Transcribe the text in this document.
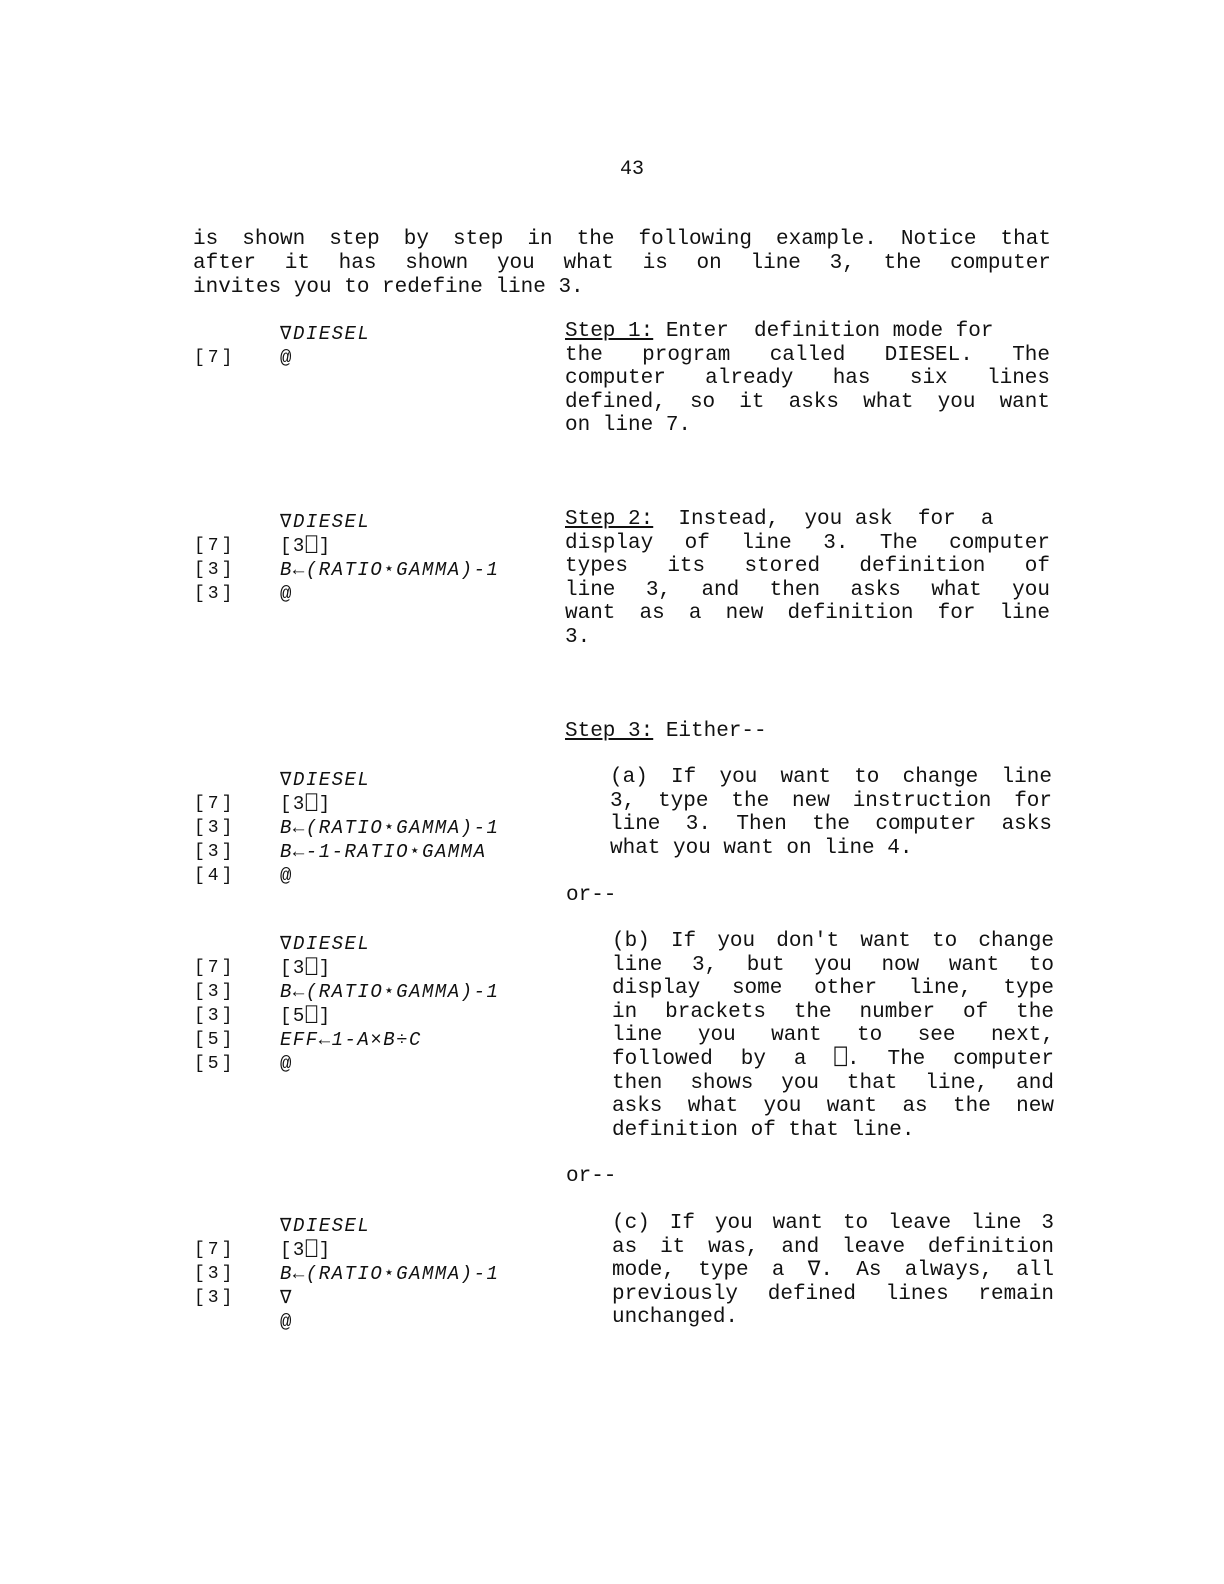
43
is shown step by step in the following example. Notice that
after it has shown you what is on line 3, the computer
invites you to redefine line 3.
∇DIESEL
[7] @
Step 1: Enter  definition mode for
the program called DIESEL. The
computer already has six lines
defined, so it asks what you want
on line 7.
∇DIESEL
[7] [3⎕]
[3] B←(RATIO⋆GAMMA)-1
[3] @
Step 2: Instead,  you ask  for  a
display of line 3. The computer
types its stored definition of
line 3, and then asks what you
want as a new definition for line
3.
Step 3: Either--
∇DIESEL
[7] [3⎕]
[3] B←(RATIO⋆GAMMA)-1
[3] B←-1-RATIO⋆GAMMA
[4] @
(a) If you want to change line
3, type the new instruction for
line 3. Then the computer asks
what you want on line 4.
or--
∇DIESEL
[7] [3⎕]
[3] B←(RATIO⋆GAMMA)-1
[3] [5⎕]
[5] EFF←1-A×B÷C
[5] @
(b) If you don't want to change
line 3, but you now want to
display some other line, type
in brackets the number of the
line you want to see next,
followed by a ⎕. The computer
then shows you that line, and
asks what you want as the new
definition of that line.
or--
∇DIESEL
[7] [3⎕]
[3] B←(RATIO⋆GAMMA)-1
[3] ∇
@
(c) If you want to leave line 3
as it was, and leave definition
mode, type a ∇. As always, all
previously defined lines remain
unchanged.
